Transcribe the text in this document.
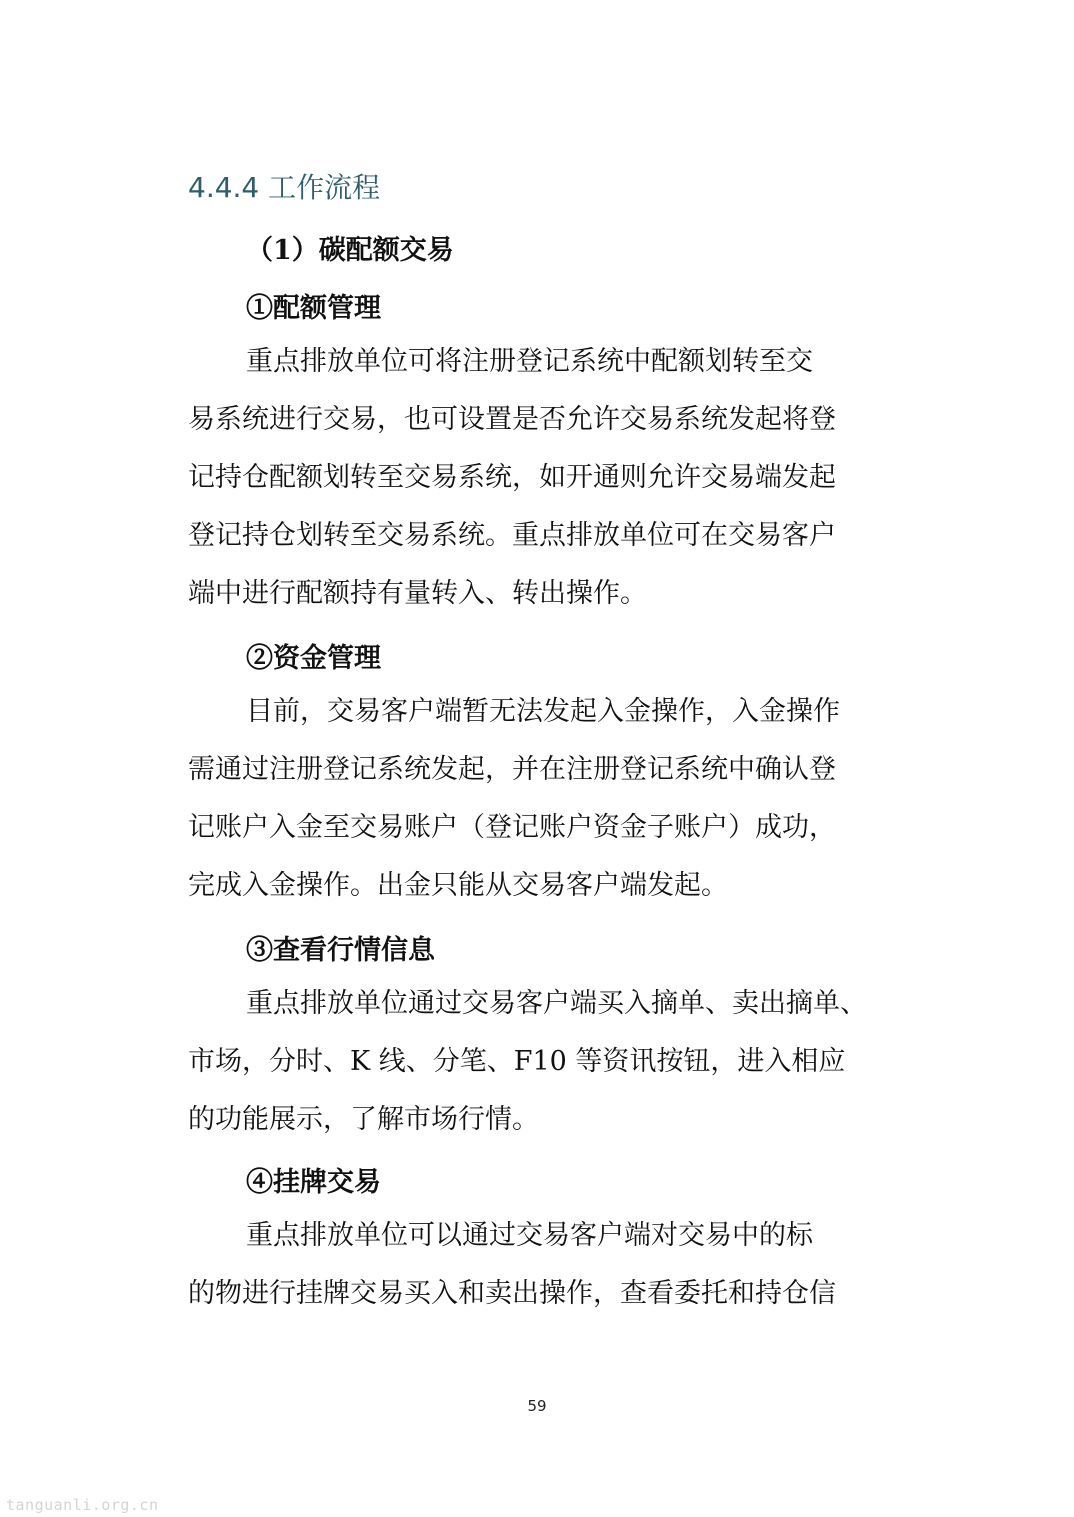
4.4.4 工作流程
（1）碳配额交易
①配额管理
重点排放单位可将注册登记系统中配额划转至交
易系统进行交易，也可设置是否允许交易系统发起将登
记持仓配额划转至交易系统，如开通则允许交易端发起
登记持仓划转至交易系统。重点排放单位可在交易客户
端中进行配额持有量转入、转出操作。
②资金管理
目前，交易客户端暂无法发起入金操作，入金操作
需通过注册登记系统发起，并在注册登记系统中确认登
记账户入金至交易账户（登记账户资金子账户）成功，
完成入金操作。出金只能从交易客户端发起。
③查看行情信息
重点排放单位通过交易客户端买入摘单、卖出摘单、
市场，分时、K 线、分笔、F10 等资讯按钮，进入相应
的功能展示，了解市场行情。
④挂牌交易
重点排放单位可以通过交易客户端对交易中的标
的物进行挂牌交易买入和卖出操作，查看委托和持仓信
59
tanguanli.org.cn
